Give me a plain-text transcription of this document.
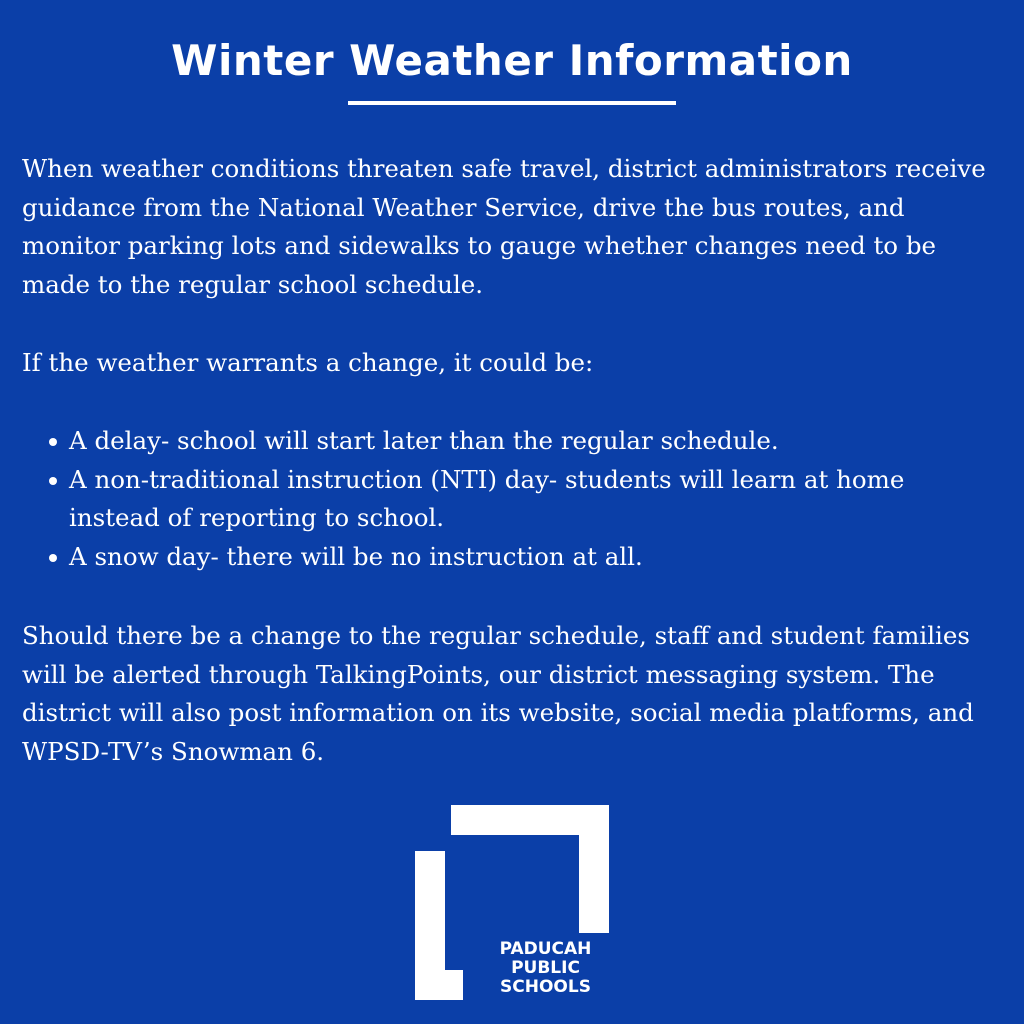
Winter Weather Information

When weather conditions threaten safe travel, district administrators receive guidance from the National Weather Service, drive the bus routes, and monitor parking lots and sidewalks to gauge whether changes need to be made to the regular school schedule.

If the weather warrants a change, it could be:

A delay- school will start later than the regular schedule.
A non-traditional instruction (NTI) day- students will learn at home instead of reporting to school.
A snow day- there will be no instruction at all.

Should there be a change to the regular schedule, staff and student families will be alerted through TalkingPoints, our district messaging system. The district will also post information on its website, social media platforms, and WPSD-TV’s Snowman 6.

PADUCAH
PUBLIC
SCHOOLS
